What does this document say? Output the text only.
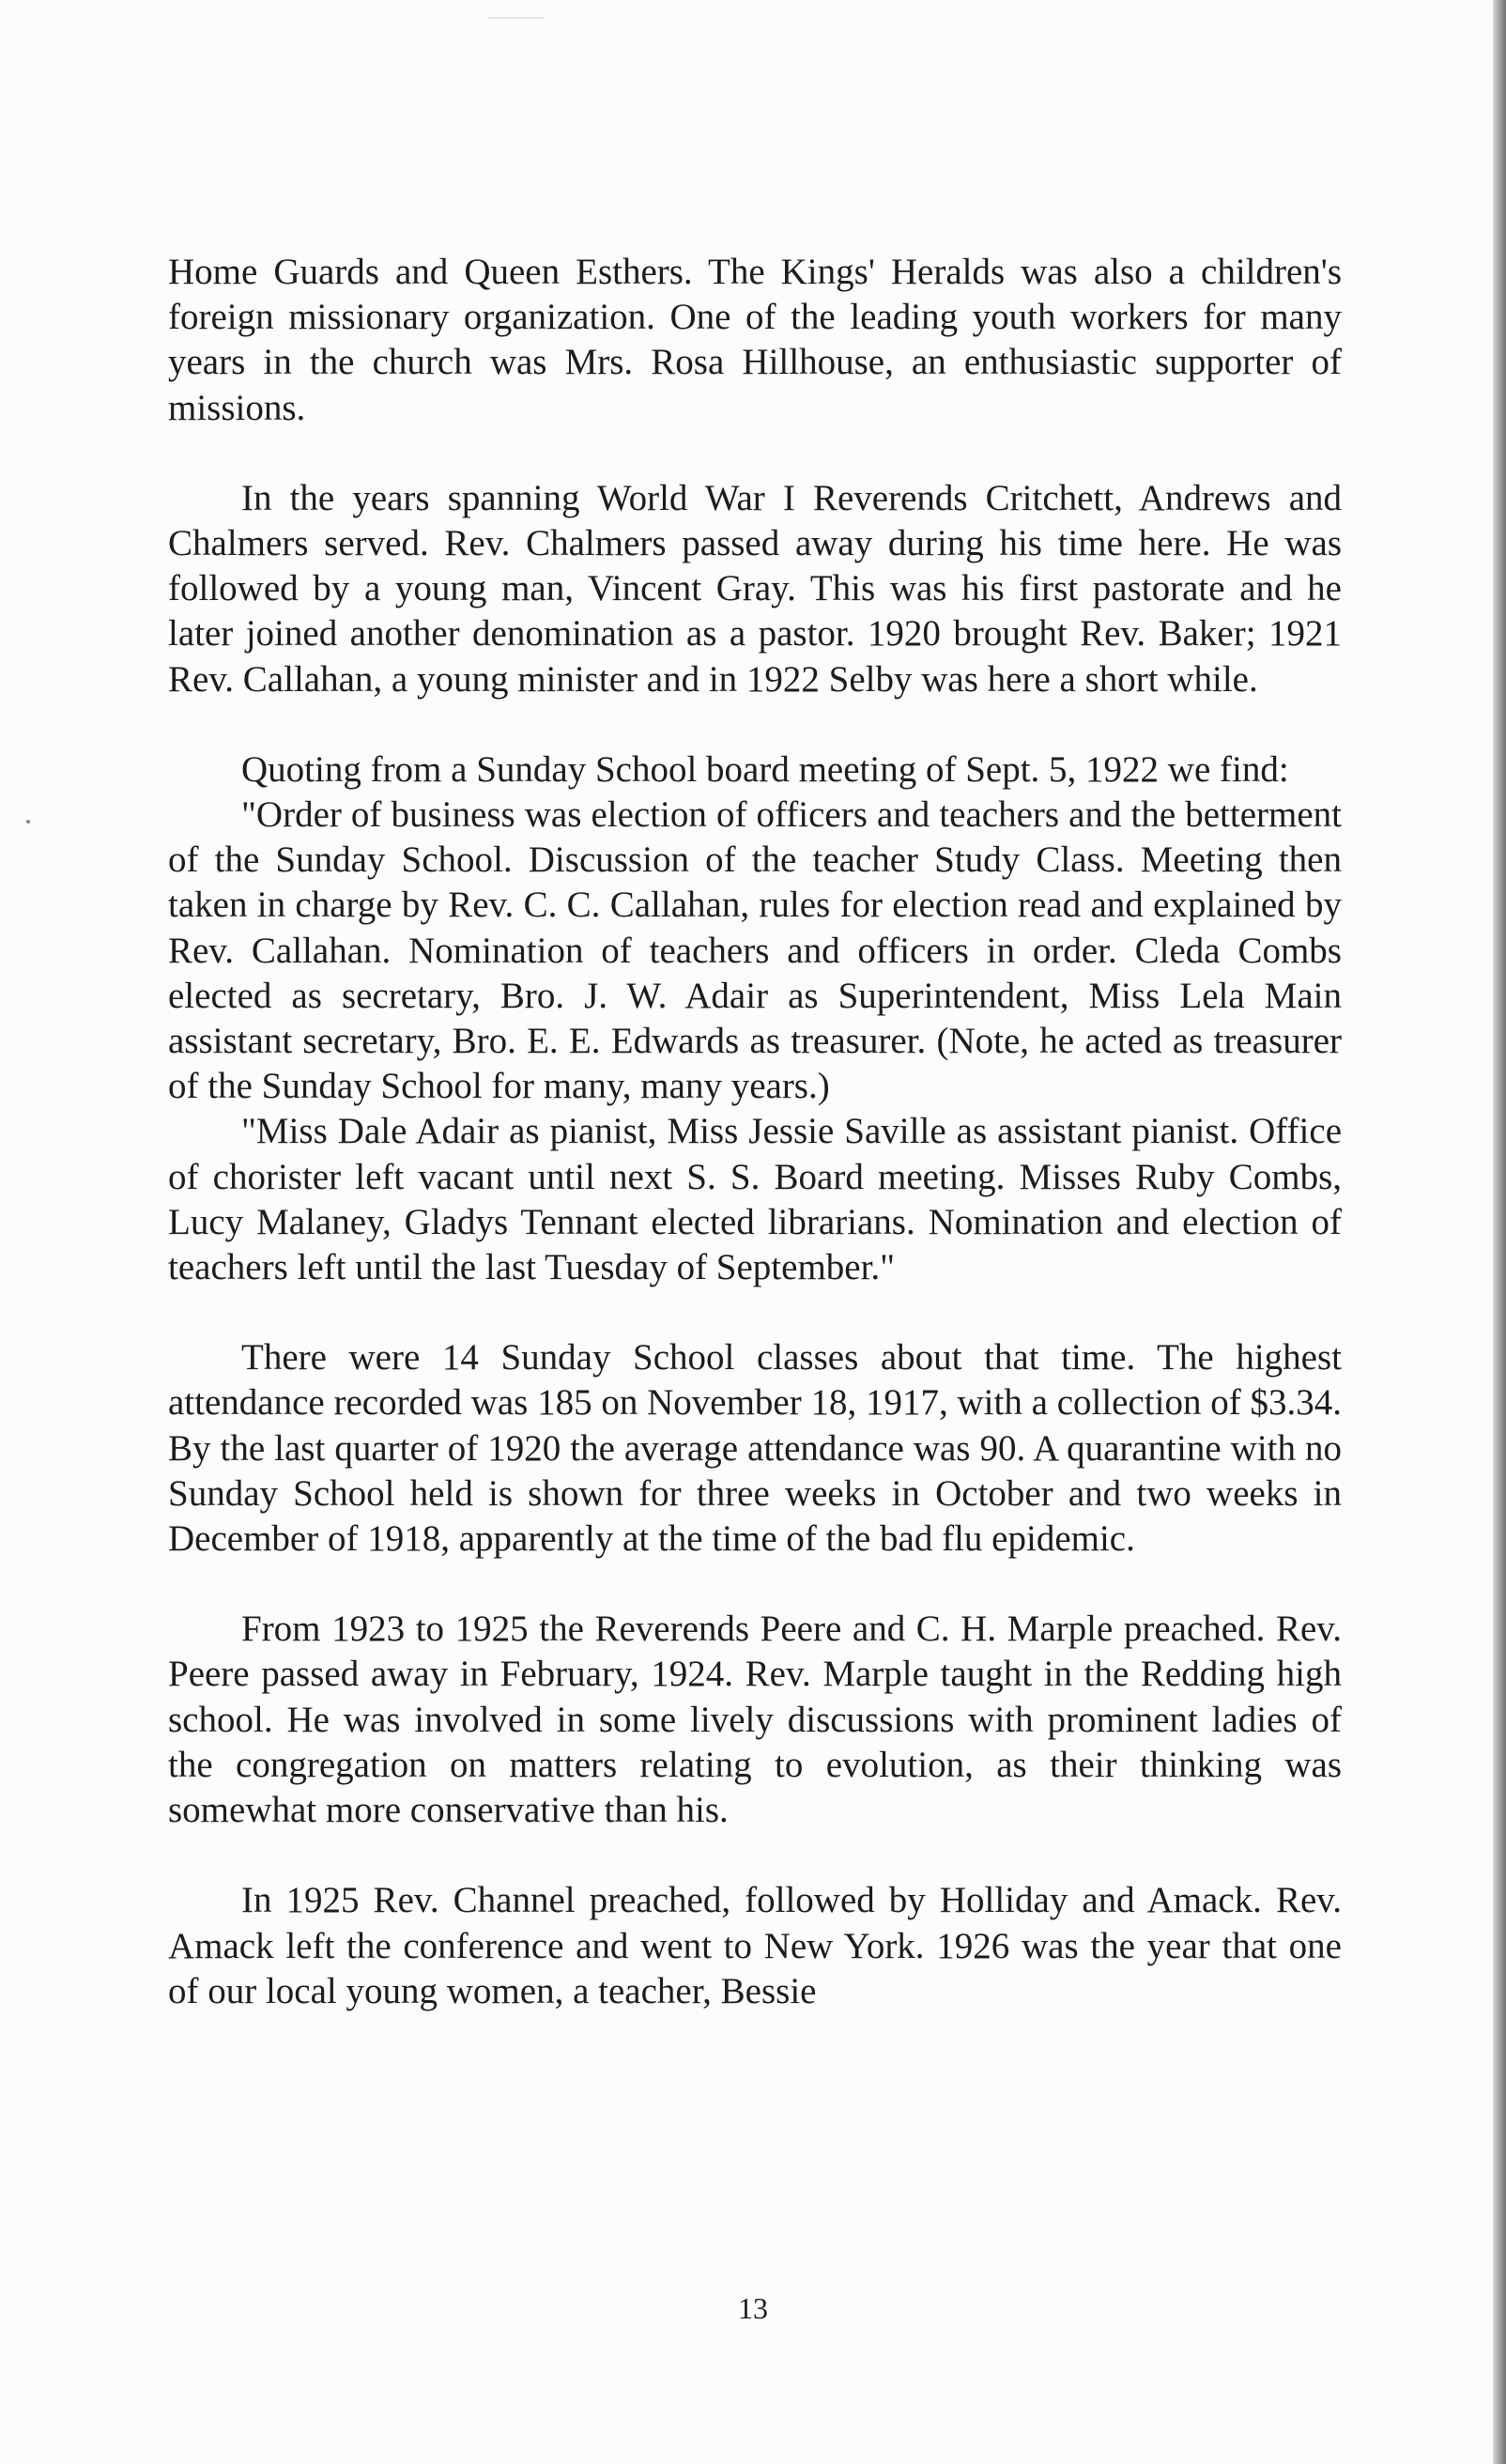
Home Guards and Queen Esthers. The Kings' Heralds was also a children's foreign missionary organization. One of the leading youth workers for many years in the church was Mrs. Rosa Hillhouse, an enthusiastic supporter of missions.

In the years spanning World War I Reverends Critchett, Andrews and Chalmers served. Rev. Chalmers passed away during his time here. He was followed by a young man, Vincent Gray. This was his first pastorate and he later joined another denomination as a pastor. 1920 brought Rev. Baker; 1921 Rev. Callahan, a young minister and in 1922 Selby was here a short while.

Quoting from a Sunday School board meeting of Sept. 5, 1922 we find:

"Order of business was election of officers and teachers and the betterment of the Sunday School. Discussion of the teacher Study Class. Meeting then taken in charge by Rev. C. C. Callahan, rules for election read and explained by Rev. Callahan. Nomination of teachers and officers in order. Cleda Combs elected as secretary, Bro. J. W. Adair as Superintendent, Miss Lela Main assistant secretary, Bro. E. E. Edwards as treasurer. (Note, he acted as treasurer of the Sunday School for many, many years.)

"Miss Dale Adair as pianist, Miss Jessie Saville as assistant pianist. Office of chorister left vacant until next S. S. Board meeting. Misses Ruby Combs, Lucy Malaney, Gladys Tennant elected librarians. Nomination and election of teachers left until the last Tuesday of September."

There were 14 Sunday School classes about that time. The highest attendance recorded was 185 on November 18, 1917, with a collection of $3.34. By the last quarter of 1920 the average attendance was 90. A quarantine with no Sunday School held is shown for three weeks in October and two weeks in December of 1918, apparently at the time of the bad flu epidemic.

From 1923 to 1925 the Reverends Peere and C. H. Marple preached. Rev. Peere passed away in February, 1924. Rev. Marple taught in the Redding high school. He was involved in some lively discussions with prominent ladies of the congregation on matters relating to evolution, as their thinking was somewhat more conservative than his.

In 1925 Rev. Channel preached, followed by Holliday and Amack. Rev. Amack left the conference and went to New York. 1926 was the year that one of our local young women, a teacher, Bessie

13
